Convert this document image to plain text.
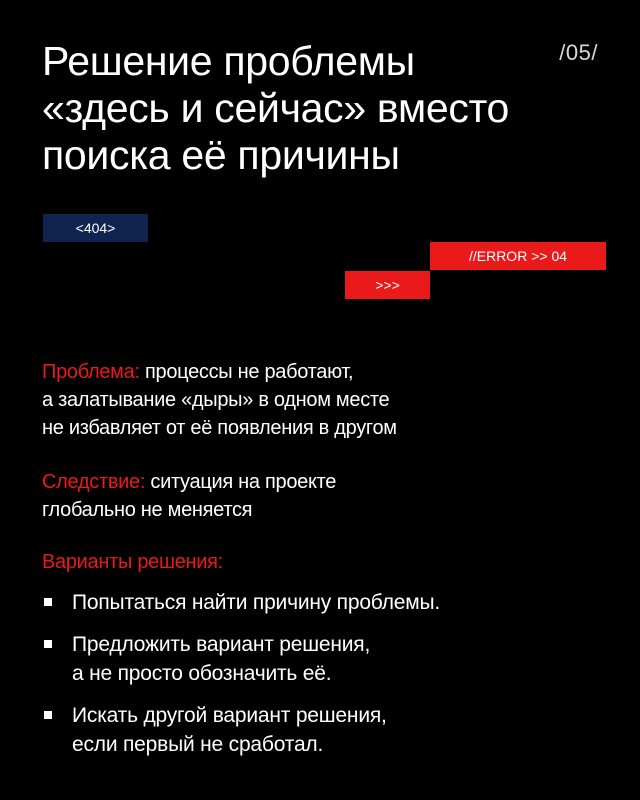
Решение проблемы
«здесь и сейчас» вместо
поиска её причины
/05/
<404>
//ERROR >> 04
>>>
Проблема: процессы не работают,
а залатывание «дыры» в одном месте
не избавляет от её появления в другом
Следствие: ситуация на проекте
глобально не меняется
Варианты решения:
Попытаться найти причину проблемы.
Предложить вариант решения,
а не просто обозначить её.
Искать другой вариант решения,
если первый не сработал.
